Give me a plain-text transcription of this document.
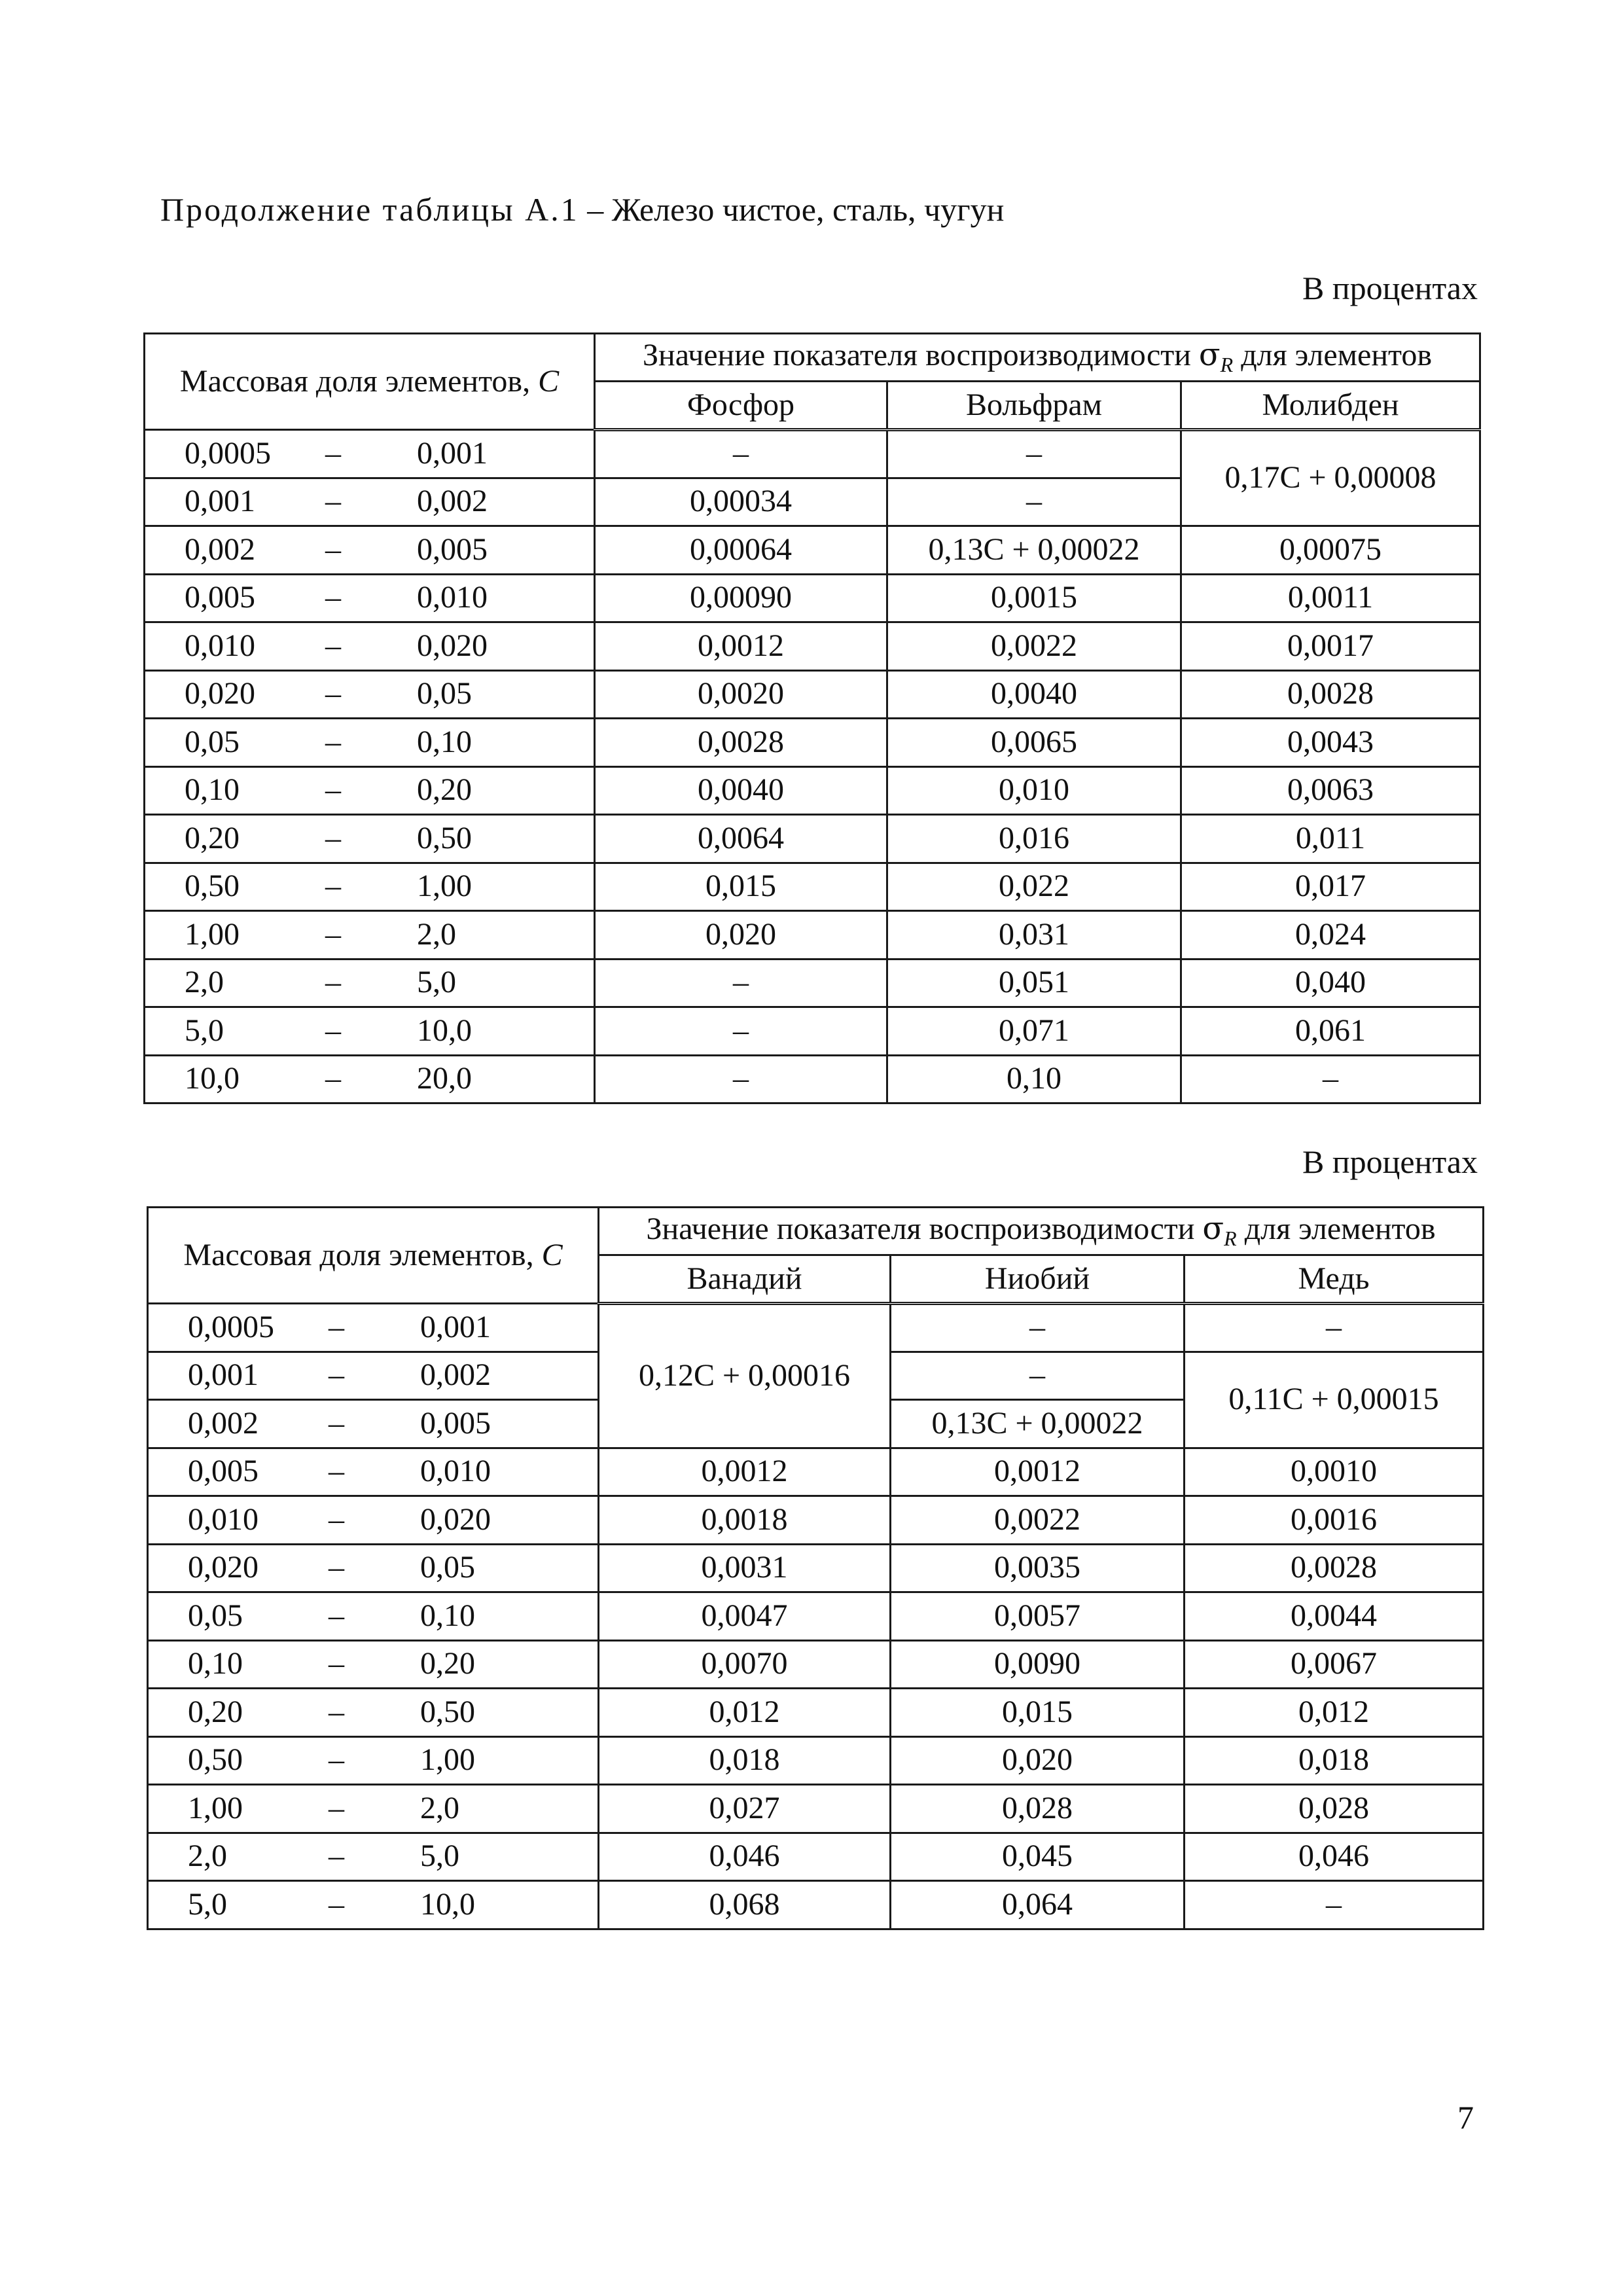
Продолжение таблицы А.1 – Железо чистое, сталь, чугун
В процентах
Массовая доля элементов, C	Значение показателя воспроизводимости $\sigma_R$ для элементов		
	Фосфор	Вольфрам	Молибден

0,0005 – 0,001	–	–	0,17C + 0,00008

0,001 – 0,002	0,00034	–	

0,002 – 0,005	0,00064	0,13С + 0,00022	0,00075

0,005 – 0,010	0,00090	0,0015	0,0011

0,010 – 0,020	0,0012	0,0022	0,0017

0,020 – 0,05	0,0020	0,0040	0,0028

0,05 – 0,10	0,0028	0,0065	0,0043

0,10 – 0,20	0,0040	0,010	0,0063

0,20 – 0,50	0,0064	0,016	0,011

0,50 – 1,00	0,015	0,022	0,017

1,00 – 2,0	0,020	0,031	0,024

2,0 – 5,0	–	0,051	0,040

5,0 – 10,0	–	0,071	0,061

10,0 – 20,0	–	0,10	–
В процентах
Массовая доля элементов, C	Значение показателя воспроизводимости $\sigma_R$ для элементов		
	Ванадий	Ниобий	Медь

0,0005 – 0,001	0,12C + 0,00016	–	–

0,001 – 0,002		–	0,11C + 0,00015

0,002 – 0,005		0,13C + 0,00022	

0,005 – 0,010	0,0012	0,0012	0,0010

0,010 – 0,020	0,0018	0,0022	0,0016

0,020 – 0,05	0,0031	0,0035	0,0028

0,05 – 0,10	0,0047	0,0057	0,0044

0,10 – 0,20	0,0070	0,0090	0,0067

0,20 – 0,50	0,012	0,015	0,012

0,50 – 1,00	0,018	0,020	0,018

1,00 – 2,0	0,027	0,028	0,028

2,0 – 5,0	0,046	0,045	0,046

5,0 – 10,0	0,068	0,064	–
7
